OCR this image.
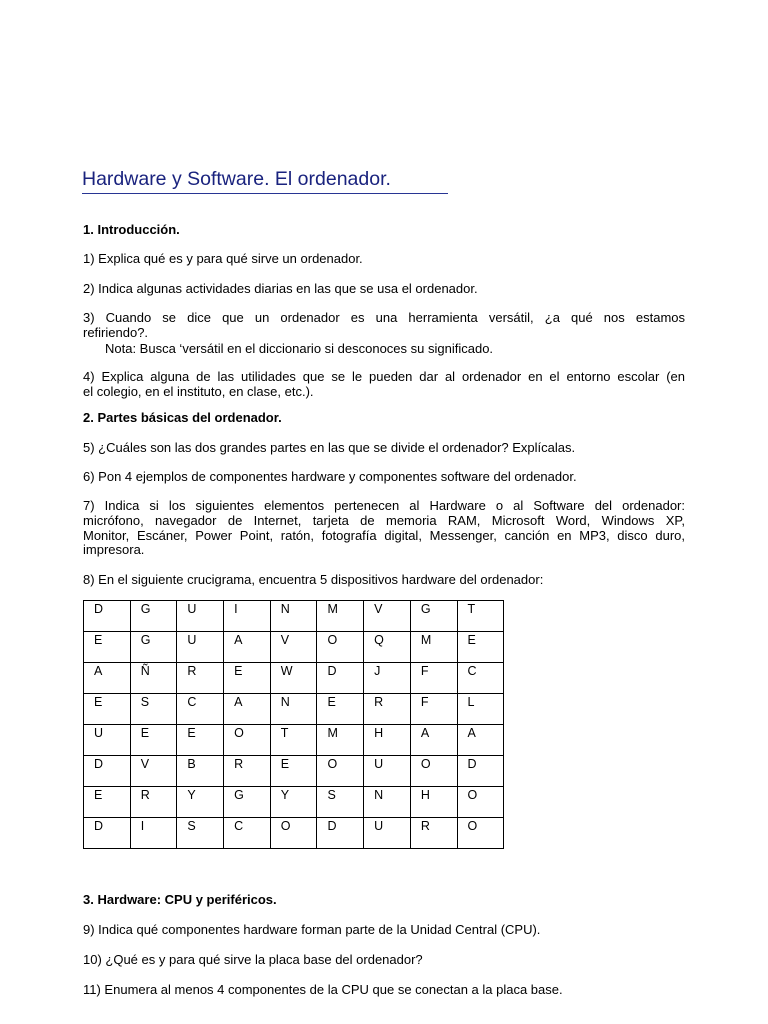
Hardware y Software. El ordenador.
1. Introducción.
1) Explica qué es y para qué sirve un ordenador.
2) Indica algunas actividades diarias en las que se usa el ordenador.
3) Cuando se dice que un ordenador es una herramienta versátil, ¿a qué nos estamos
refiriendo?.
Nota: Busca ‘versátil en el diccionario si desconoces su significado.
4) Explica alguna de las utilidades que se le pueden dar al ordenador en el entorno escolar (en
el colegio, en el instituto, en clase, etc.).
2. Partes básicas del ordenador.
5) ¿Cuáles son las dos grandes partes en las que se divide el ordenador? Explícalas.
6) Pon 4 ejemplos de componentes hardware y componentes software del ordenador.
7) Indica si los siguientes elementos pertenecen al Hardware o al Software del ordenador:
micrófono, navegador de Internet, tarjeta de memoria RAM, Microsoft Word, Windows XP,
Monitor, Escáner, Power Point, ratón, fotografía digital, Messenger, canción en MP3, disco duro,
impresora.
8) En el siguiente crucigrama, encuentra 5 dispositivos hardware del ordenador:
D	G	U	I	N	M	V	G	T
E	G	U	A	V	O	Q	M	E
A	Ñ	R	E	W	D	J	F	C
E	S	C	A	N	E	R	F	L
U	E	E	O	T	M	H	A	A
D	V	B	R	E	O	U	O	D
E	R	Y	G	Y	S	N	H	O
D	I	S	C	O	D	U	R	O
3. Hardware: CPU y periféricos.
9) Indica qué componentes hardware forman parte de la Unidad Central (CPU).
10) ¿Qué es y para qué sirve la placa base del ordenador?
11) Enumera al menos 4 componentes de la CPU que se conectan a la placa base.
